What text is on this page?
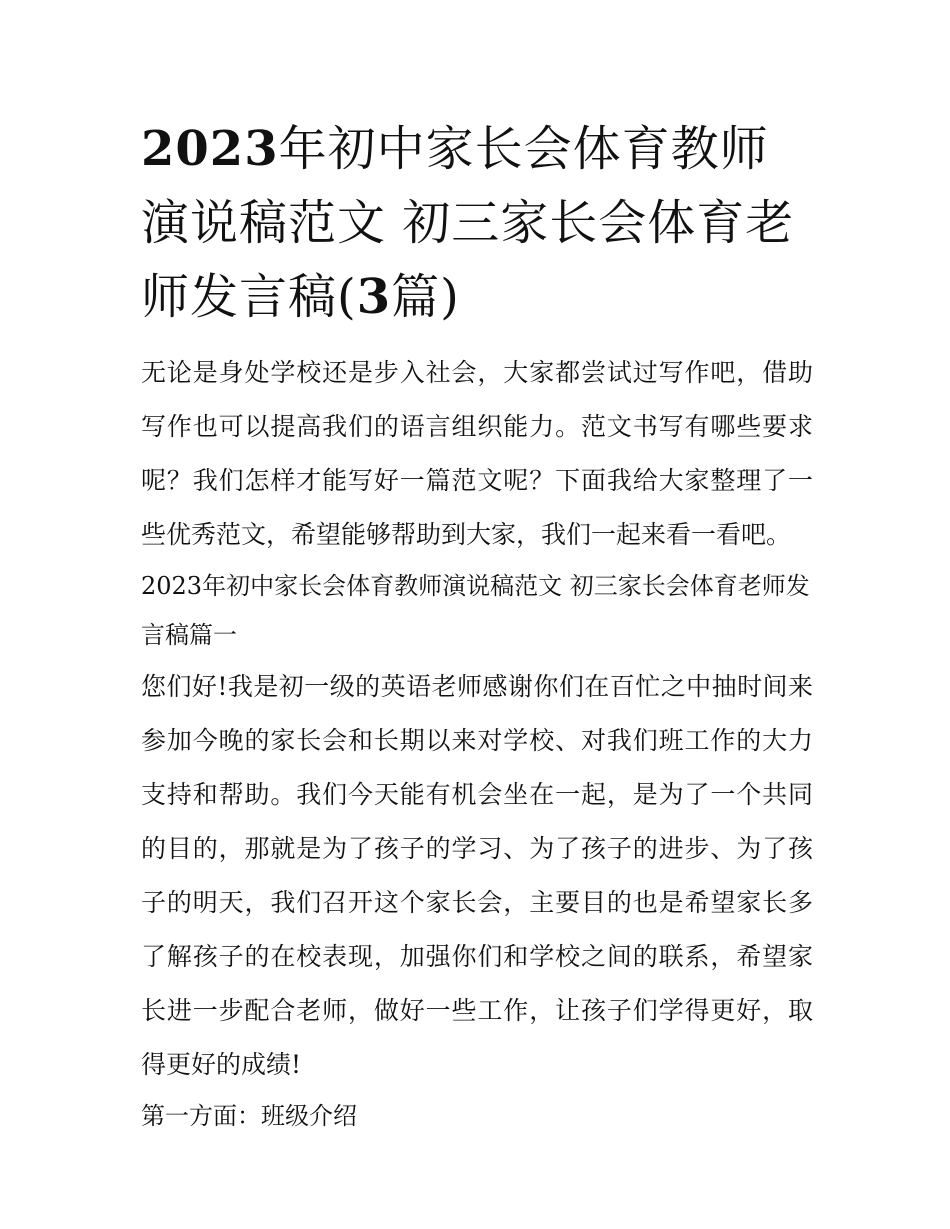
2023年初中家长会体育教师演说稿范文 初三家长会体育老师发言稿(3篇)

无论是身处学校还是步入社会，大家都尝试过写作吧，借助写作也可以提高我们的语言组织能力。范文书写有哪些要求呢？我们怎样才能写好一篇范文呢？下面我给大家整理了一些优秀范文，希望能够帮助到大家，我们一起来看一看吧。

2023年初中家长会体育教师演说稿范文 初三家长会体育老师发言稿篇一

您们好!我是初一级的英语老师感谢你们在百忙之中抽时间来参加今晚的家长会和长期以来对学校、对我们班工作的大力支持和帮助。我们今天能有机会坐在一起，是为了一个共同的目的，那就是为了孩子的学习、为了孩子的进步、为了孩子的明天，我们召开这个家长会，主要目的也是希望家长多了解孩子的在校表现，加强你们和学校之间的联系，希望家长进一步配合老师，做好一些工作，让孩子们学得更好，取得更好的成绩!

第一方面：班级介绍
